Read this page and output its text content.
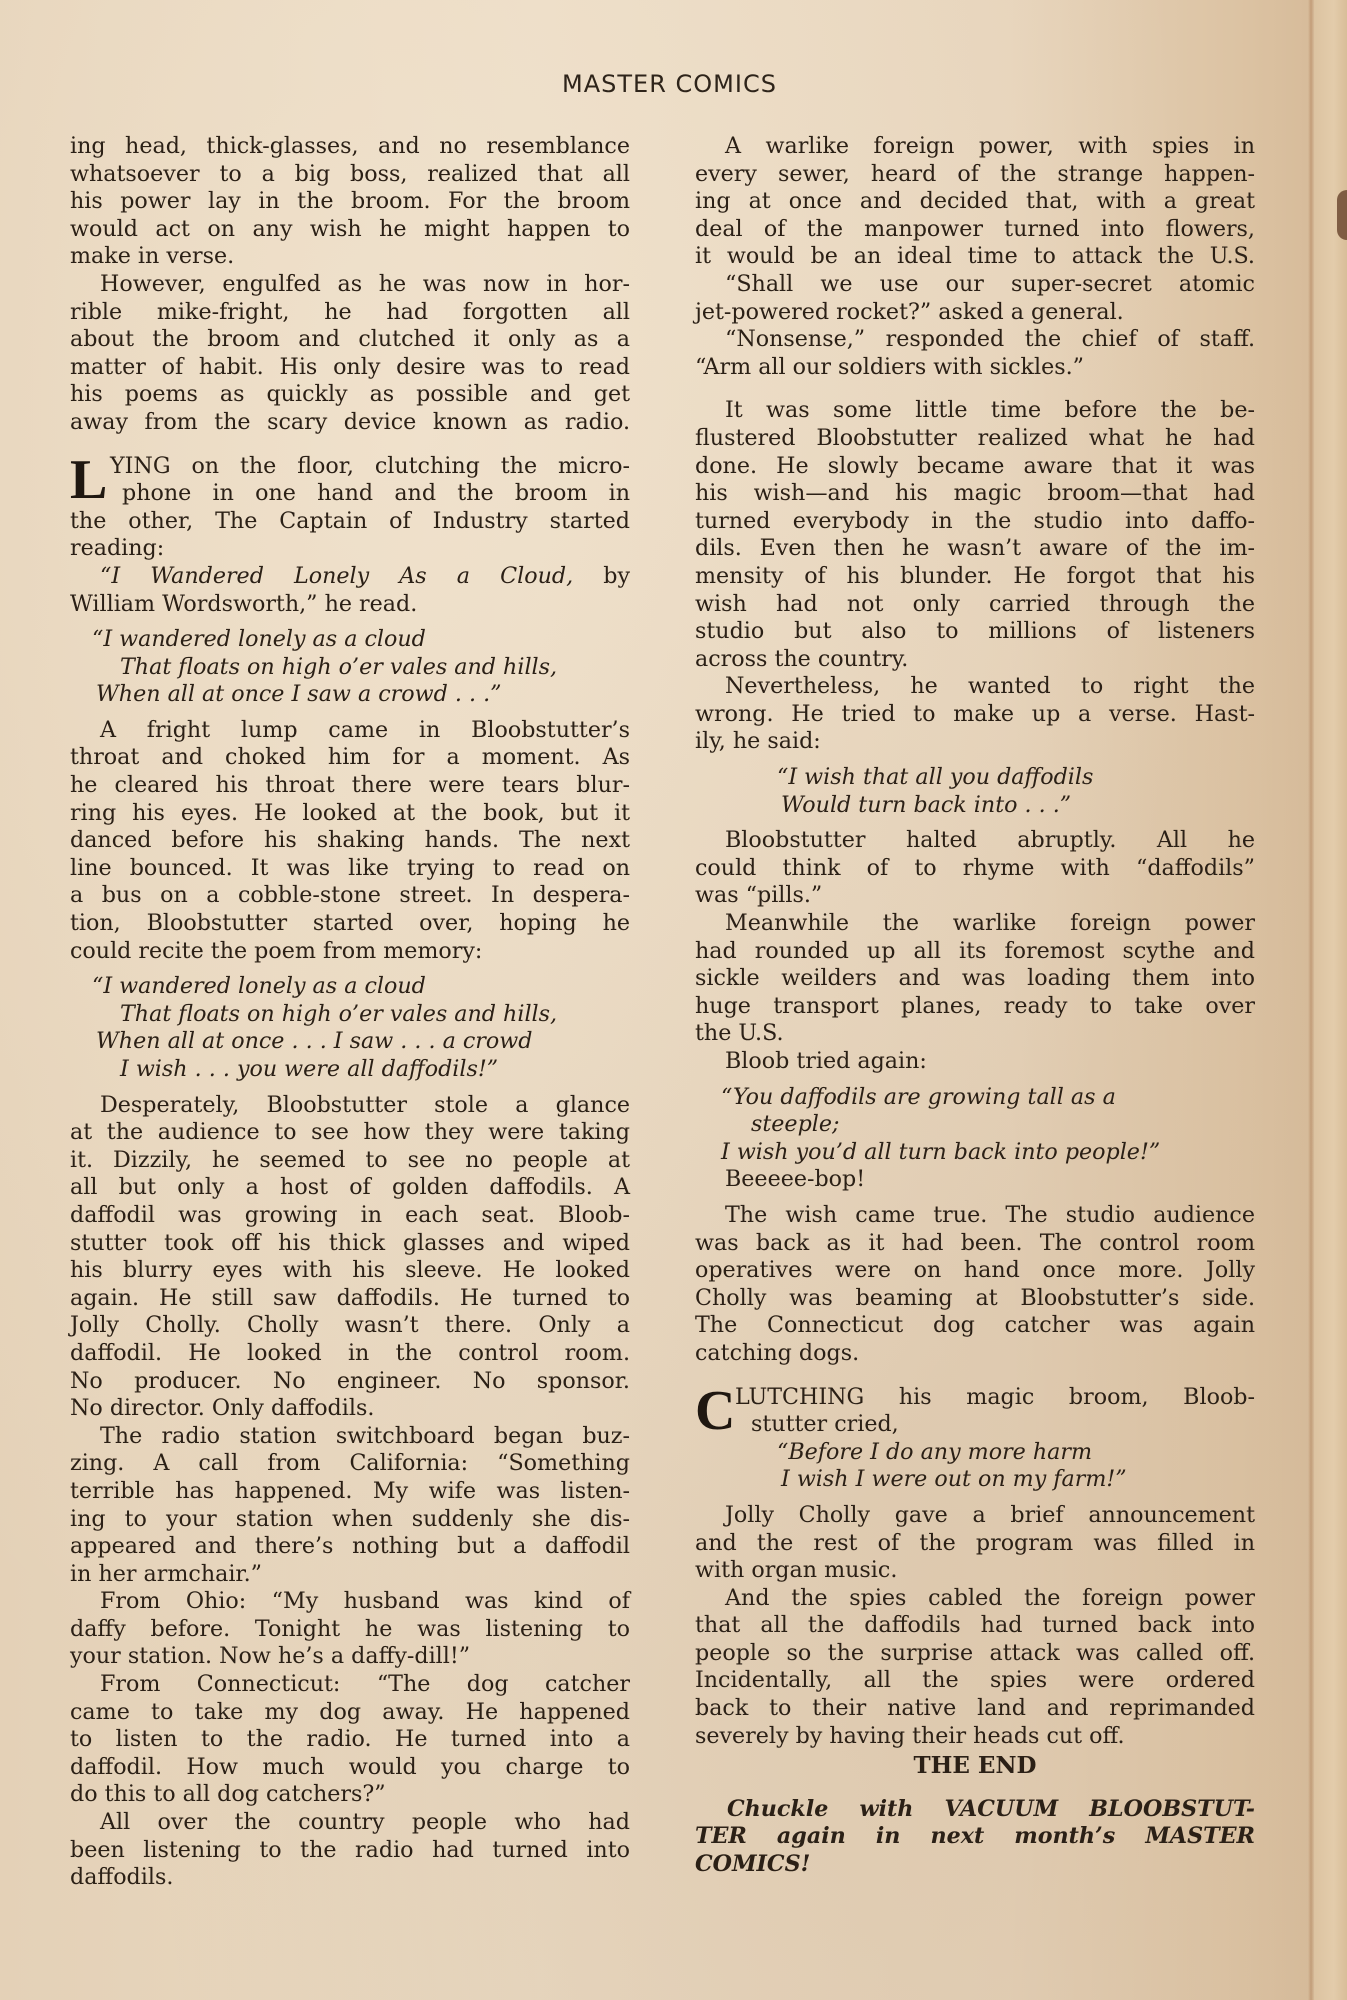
MASTER COMICS
ing head, thick-glasses, and no resemblance
whatsoever to a big boss, realized that all
his power lay in the broom. For the broom
would act on any wish he might happen to
make in verse.
However, engulfed as he was now in hor-
rible mike-fright, he had forgotten all
about the broom and clutched it only as a
matter of habit. His only desire was to read
his poems as quickly as possible and get
away from the scary device known as radio.
L YING on the floor, clutching the micro-
phone in one hand and the broom in
the other, The Captain of Industry started
reading:
“I Wandered Lonely As a Cloud, by
William Wordsworth,” he read.
“I wandered lonely as a cloud
That floats on high o’er vales and hills,
When all at once I saw a crowd . . .”
A fright lump came in Bloobstutter’s
throat and choked him for a moment. As
he cleared his throat there were tears blur-
ring his eyes. He looked at the book, but it
danced before his shaking hands. The next
line bounced. It was like trying to read on
a bus on a cobble-stone street. In despera-
tion, Bloobstutter started over, hoping he
could recite the poem from memory:
“I wandered lonely as a cloud
That floats on high o’er vales and hills,
When all at once . . . I saw . . . a crowd
I wish . . . you were all daffodils!”
Desperately, Bloobstutter stole a glance
at the audience to see how they were taking
it. Dizzily, he seemed to see no people at
all but only a host of golden daffodils. A
daffodil was growing in each seat. Bloob-
stutter took off his thick glasses and wiped
his blurry eyes with his sleeve. He looked
again. He still saw daffodils. He turned to
Jolly Cholly. Cholly wasn’t there. Only a
daffodil. He looked in the control room.
No producer. No engineer. No sponsor.
No director. Only daffodils.
The radio station switchboard began buz-
zing. A call from California: “Something
terrible has happened. My wife was listen-
ing to your station when suddenly she dis-
appeared and there’s nothing but a daffodil
in her armchair.”
From Ohio: “My husband was kind of
daffy before. Tonight he was listening to
your station. Now he’s a daffy-dill!”
From Connecticut: “The dog catcher
came to take my dog away. He happened
to listen to the radio. He turned into a
daffodil. How much would you charge to
do this to all dog catchers?”
All over the country people who had
been listening to the radio had turned into
daffodils.
A warlike foreign power, with spies in
every sewer, heard of the strange happen-
ing at once and decided that, with a great
deal of the manpower turned into flowers,
it would be an ideal time to attack the U.S.
“Shall we use our super-secret atomic
jet-powered rocket?” asked a general.
“Nonsense,” responded the chief of staff.
“Arm all our soldiers with sickles.”
It was some little time before the be-
flustered Bloobstutter realized what he had
done. He slowly became aware that it was
his wish—and his magic broom—that had
turned everybody in the studio into daffo-
dils. Even then he wasn’t aware of the im-
mensity of his blunder. He forgot that his
wish had not only carried through the
studio but also to millions of listeners
across the country.
Nevertheless, he wanted to right the
wrong. He tried to make up a verse. Hast-
ily, he said:
“I wish that all you daffodils
Would turn back into . . .”
Bloobstutter halted abruptly. All he
could think of to rhyme with “daffodils”
was “pills.”
Meanwhile the warlike foreign power
had rounded up all its foremost scythe and
sickle weilders and was loading them into
huge transport planes, ready to take over
the U.S.
Bloob tried again:
“You daffodils are growing tall as a
steeple;
I wish you’d all turn back into people!”
Beeeee-bop!
The wish came true. The studio audience
was back as it had been. The control room
operatives were on hand once more. Jolly
Cholly was beaming at Bloobstutter’s side.
The Connecticut dog catcher was again
catching dogs.
C LUTCHING his magic broom, Bloob-
stutter cried,
“Before I do any more harm
I wish I were out on my farm!”
Jolly Cholly gave a brief announcement
and the rest of the program was filled in
with organ music.
And the spies cabled the foreign power
that all the daffodils had turned back into
people so the surprise attack was called off.
Incidentally, all the spies were ordered
back to their native land and reprimanded
severely by having their heads cut off.
THE END
Chuckle with VACUUM BLOOBSTUT-
TER again in next month’s MASTER
COMICS!
